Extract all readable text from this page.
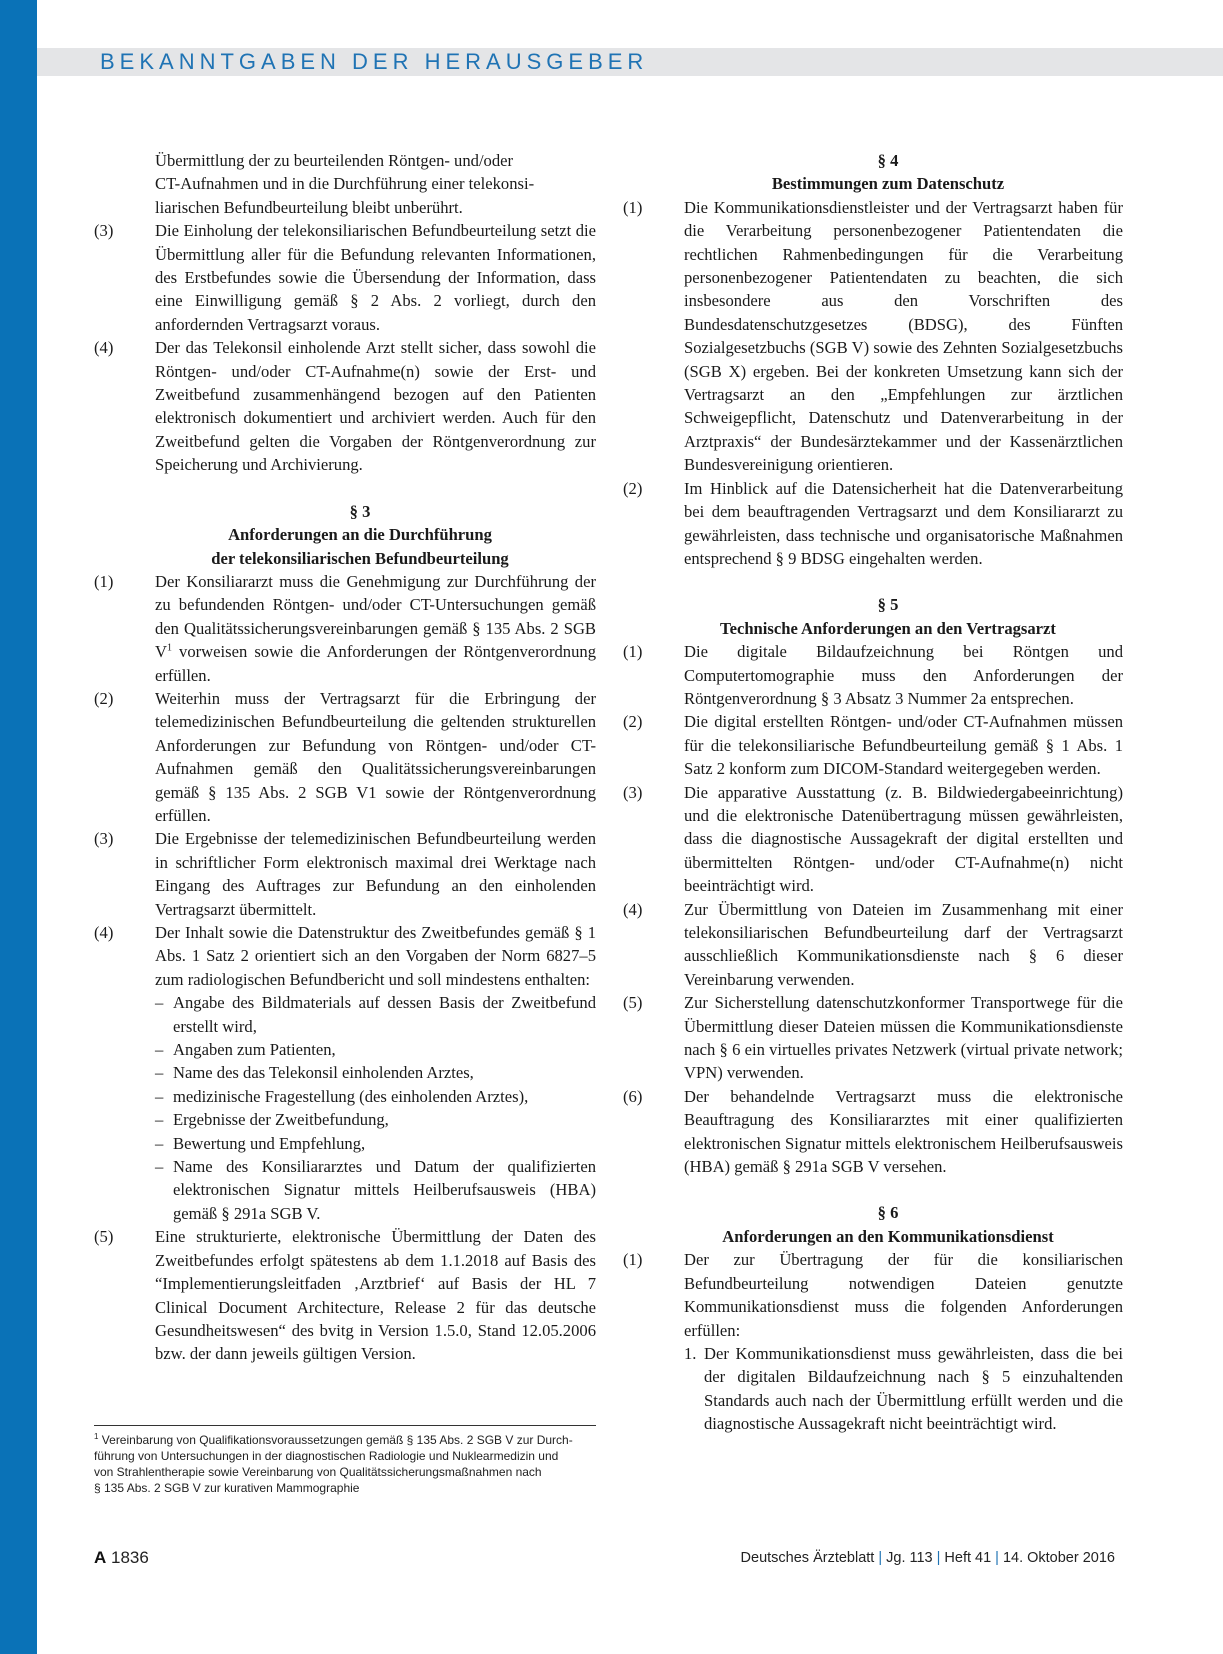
BEKANNTGABEN DER HERAUSGEBER
Übermittlung der zu beurteilenden Röntgen- und/oder
CT-Aufnahmen und in die Durchführung einer telekonsi-
liarischen Befundbeurteilung bleibt unberührt.
(3)	Die Einholung der telekonsiliarischen Befundbeurteilung setzt die Übermittlung aller für die Befundung relevanten Informationen, des Erstbefundes sowie die Übersendung der Information, dass eine Einwilligung gemäß § 2 Abs. 2 vorliegt, durch den anfordernden Vertragsarzt voraus.
(4)	Der das Telekonsil einholende Arzt stellt sicher, dass sowohl die Röntgen- und/oder CT-Aufnahme(n) sowie der Erst- und Zweitbefund zusammenhängend bezogen auf den Patienten elektronisch dokumentiert und archiviert werden. Auch für den Zweitbefund gelten die Vorgaben der Röntgenverordnung zur Speicherung und Archivierung.
§ 3
Anforderungen an die Durchführung
der telekonsiliarischen Befundbeurteilung
(1)	Der Konsiliararzt muss die Genehmigung zur Durchführung der zu befundenden Röntgen- und/oder CT-Untersuchungen gemäß den Qualitätssicherungsvereinbarungen gemäß § 135 Abs. 2 SGB $V^1$ vorweisen sowie die Anforderungen der Röntgenverordnung erfüllen.
(2)	Weiterhin muss der Vertragsarzt für die Erbringung der telemedizinischen Befundbeurteilung die geltenden strukturellen Anforderungen zur Befundung von Röntgen- und/oder CT-Aufnahmen gemäß den Qualitätssicherungsvereinbarungen gemäß § 135 Abs. 2 SGB V1 sowie der Röntgenverordnung erfüllen.
(3)	Die Ergebnisse der telemedizinischen Befundbeurteilung werden in schriftlicher Form elektronisch maximal drei Werktage nach Eingang des Auftrages zur Befundung an den einholenden Vertragsarzt übermittelt.
(4)	Der Inhalt sowie die Datenstruktur des Zweitbefundes gemäß § 1 Abs. 1 Satz 2 orientiert sich an den Vorgaben der Norm 6827–5 zum radiologischen Befundbericht und soll mindestens enthalten:
– Angabe des Bildmaterials auf dessen Basis der Zweitbefund erstellt wird,
– Angaben zum Patienten,
– Name des das Telekonsil einholenden Arztes,
– medizinische Fragestellung (des einholenden Arztes),
– Ergebnisse der Zweitbefundung,
– Bewertung und Empfehlung,
– Name des Konsiliararztes und Datum der qualifizierten elektronischen Signatur mittels Heilberufsausweis (HBA) gemäß § 291a SGB V.
(5)	Eine strukturierte, elektronische Übermittlung der Daten des Zweitbefundes erfolgt spätestens ab dem 1.1.2018 auf Basis des “Implementierungsleitfaden ‚Arztbrief‘ auf Basis der HL 7 Clinical Document Architecture, Release 2 für das deutsche Gesundheitswesen“ des bvitg in Version 1.5.0, Stand 12.05.2006 bzw. der dann jeweils gültigen Version.
$^1$ Vereinbarung von Qualifikationsvoraussetzungen gemäß § 135 Abs. 2 SGB V zur Durch-
führung von Untersuchungen in der diagnostischen Radiologie und Nuklearmedizin und
von Strahlentherapie sowie Vereinbarung von Qualitätssicherungsmaßnahmen nach
§ 135 Abs. 2 SGB V zur kurativen Mammographie
§ 4
Bestimmungen zum Datenschutz
(1)	Die Kommunikationsdienstleister und der Vertragsarzt haben für die Verarbeitung personenbezogener Patientendaten die rechtlichen Rahmenbedingungen für die Verarbeitung personenbezogener Patientendaten zu beachten, die sich insbesondere aus den Vorschriften des Bundesdatenschutzgesetzes (BDSG), des Fünften Sozialgesetzbuchs (SGB V) sowie des Zehnten Sozialgesetzbuchs (SGB X) ergeben. Bei der konkreten Umsetzung kann sich der Vertragsarzt an den „Empfehlungen zur ärztlichen Schweigepflicht, Datenschutz und Datenverarbeitung in der Arztpraxis“ der Bundesärztekammer und der Kassenärztlichen Bundesvereinigung orientieren.
(2)	Im Hinblick auf die Datensicherheit hat die Datenverarbeitung bei dem beauftragenden Vertragsarzt und dem Konsiliararzt zu gewährleisten, dass technische und organisatorische Maßnahmen entsprechend § 9 BDSG eingehalten werden.
§ 5
Technische Anforderungen an den Vertragsarzt
(1)	Die digitale Bildaufzeichnung bei Röntgen und Computertomographie muss den Anforderungen der Röntgenverordnung § 3 Absatz 3 Nummer 2a entsprechen.
(2)	Die digital erstellten Röntgen- und/oder CT-Aufnahmen müssen für die telekonsiliarische Befundbeurteilung gemäß § 1 Abs. 1 Satz 2 konform zum DICOM-Standard weitergegeben werden.
(3)	Die apparative Ausstattung (z. B. Bildwiedergabeeinrichtung) und die elektronische Datenübertragung müssen gewährleisten, dass die diagnostische Aussagekraft der digital erstellten und übermittelten Röntgen- und/oder CT-Aufnahme(n) nicht beeinträchtigt wird.
(4)	Zur Übermittlung von Dateien im Zusammenhang mit einer telekonsiliarischen Befundbeurteilung darf der Vertragsarzt ausschließlich Kommunikationsdienste nach § 6 dieser Vereinbarung verwenden.
(5)	Zur Sicherstellung datenschutzkonformer Transportwege für die Übermittlung dieser Dateien müssen die Kommunikationsdienste nach § 6 ein virtuelles privates Netzwerk (virtual private network; VPN) verwenden.
(6)	Der behandelnde Vertragsarzt muss die elektronische Beauftragung des Konsiliararztes mit einer qualifizierten elektronischen Signatur mittels elektronischem Heilberufsausweis (HBA) gemäß § 291a SGB V versehen.
§ 6
Anforderungen an den Kommunikationsdienst
(1)	Der zur Übertragung der für die konsiliarischen Befundbeurteilung notwendigen Dateien genutzte Kommunikationsdienst muss die folgenden Anforderungen erfüllen:
1. Der Kommunikationsdienst muss gewährleisten, dass die bei der digitalen Bildaufzeichnung nach § 5 einzuhaltenden Standards auch nach der Übermittlung erfüllt werden und die diagnostische Aussagekraft nicht beeinträchtigt wird.
A 1836	Deutsches Ärzteblatt | Jg. 113 | Heft 41 | 14. Oktober 2016
